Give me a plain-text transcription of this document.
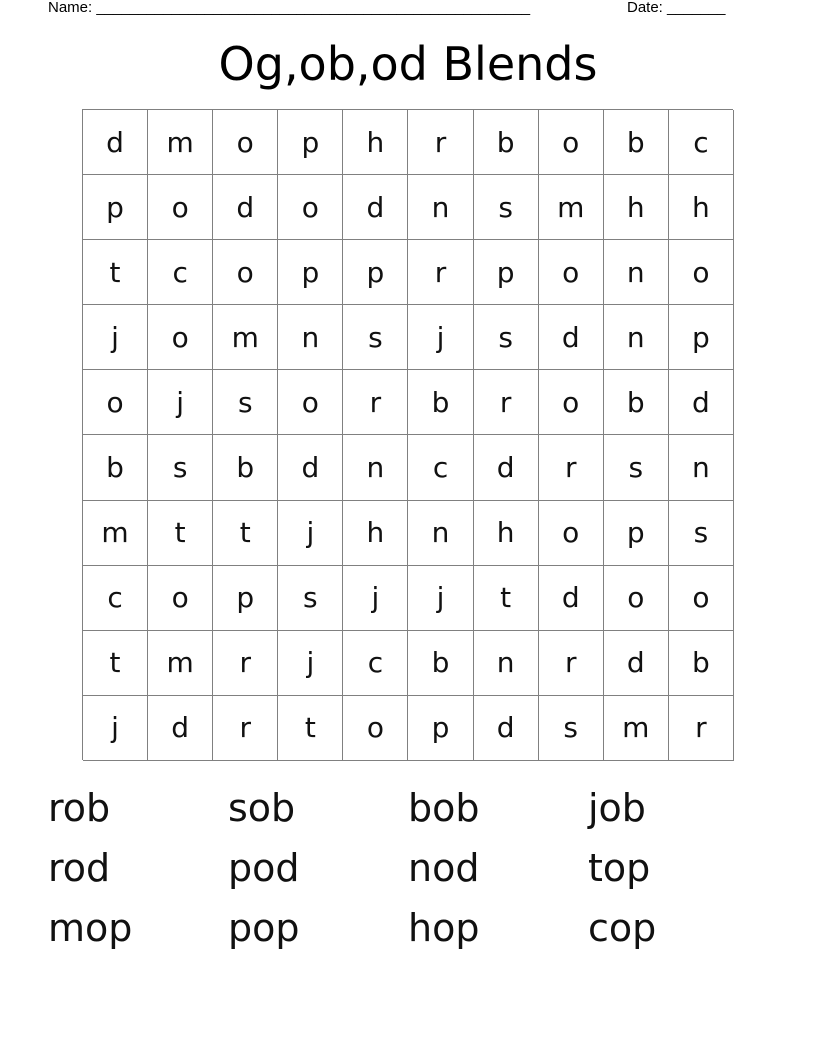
Name: ____________________________________________________	Date: _______
Og,ob,od Blends
d	m	o	p	h	r	b	o	b	c
p	o	d	o	d	n	s	m	h	h
t	c	o	p	p	r	p	o	n	o
j	o	m	n	s	j	s	d	n	p
o	j	s	o	r	b	r	o	b	d
b	s	b	d	n	c	d	r	s	n
m	t	t	j	h	n	h	o	p	s
c	o	p	s	j	j	t	d	o	o
t	m	r	j	c	b	n	r	d	b
j	d	r	t	o	p	d	s	m	r
rob	sob	bob	job
rod	pod	nod	top
mop	pop	hop	cop
